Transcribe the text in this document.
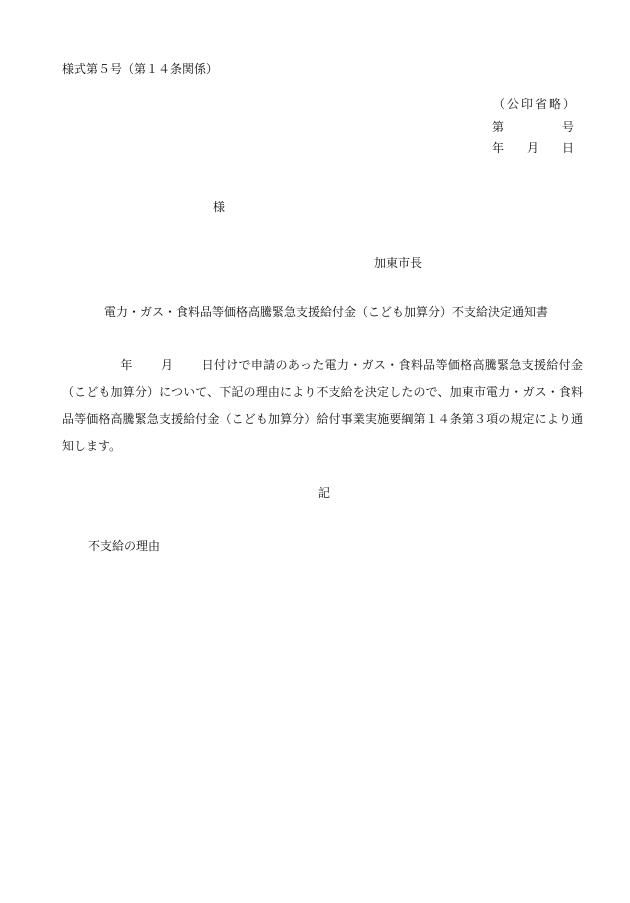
様式第５号（第１４条関係）
（公印省略）
第	号
年 月 日
様
加東市長
電力・ガス・食料品等価格高騰緊急支援給付金（こども加算分）不支給決定通知書
年 月 日付けで申請のあった電力・ガス・食料品等価格高騰緊急支援給付金（こども加算分）について、下記の理由により不支給を決定したので、加東市電力・ガス・食料品等価格高騰緊急支援給付金（こども加算分）給付事業実施要綱第１４条第３項の規定により通知します。
記
不支給の理由
